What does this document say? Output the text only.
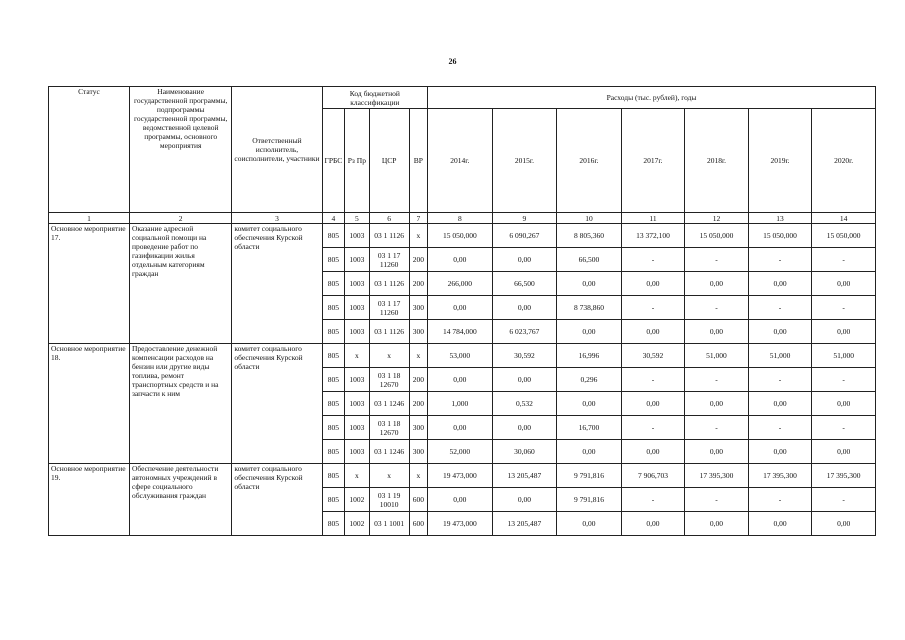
26
Статус	Наименование государственной программы, подпрограммы государственной программы, ведомственной целевой программы, основного мероприятия	Ответственный исполнитель, соисполнители, участники	Код бюджетной классификации				Расходы (тыс. рублей), годы						
			ГРБС	Рз Пр	ЦСР	ВР	2014г.	2015г.	2016г.	2017г.	2018г.	2019г.	2020г.
1	2	3	4	5	6	7	8	9	10	11	12	13	14
Основное мероприятие 17.	Оказание адресной социальной помощи на проведение работ по газификации жилья отдельным категориям граждан	комитет социального обеспечения Курской области	805	1003	03 1 1126	x	15 050,000	6 090,267	8 805,360	13 372,100	15 050,000	15 050,000	15 050,000
			805	1003	03 1 17 11260	200	0,00	0,00	66,500	-	-	-	-
			805	1003	03 1 1126	200	266,000	66,500	0,00	0,00	0,00	0,00	0,00
			805	1003	03 1 17 11260	300	0,00	0,00	8 738,860	-	-	-	-
			805	1003	03 1 1126	300	14 784,000	6 023,767	0,00	0,00	0,00	0,00	0,00
Основное мероприятие 18.	Предоставление денежной компенсации расходов на бензин или другие виды топлива, ремонт транспортных средств и на запчасти к ним	комитет социального обеспечения Курской области	805	x	x	x	53,000	30,592	16,996	30,592	51,000	51,000	51,000
			805	1003	03 1 18 12670	200	0,00	0,00	0,296	-	-	-	-
			805	1003	03 1 1246	200	1,000	0,532	0,00	0,00	0,00	0,00	0,00
			805	1003	03 1 18 12670	300	0,00	0,00	16,700	-	-	-	-
			805	1003	03 1 1246	300	52,000	30,060	0,00	0,00	0,00	0,00	0,00
Основное мероприятие 19.	Обеспечение деятельности автономных учреждений в сфере социального обслуживания граждан	комитет социального обеспечения Курской области	805	x	x	x	19 473,000	13 205,487	9 791,816	7 906,703	17 395,300	17 395,300	17 395,300
			805	1002	03 1 19 10010	600	0,00	0,00	9 791,816	-	-	-	-
			805	1002	03 1 1001	600	19 473,000	13 205,487	0,00	0,00	0,00	0,00	0,00
